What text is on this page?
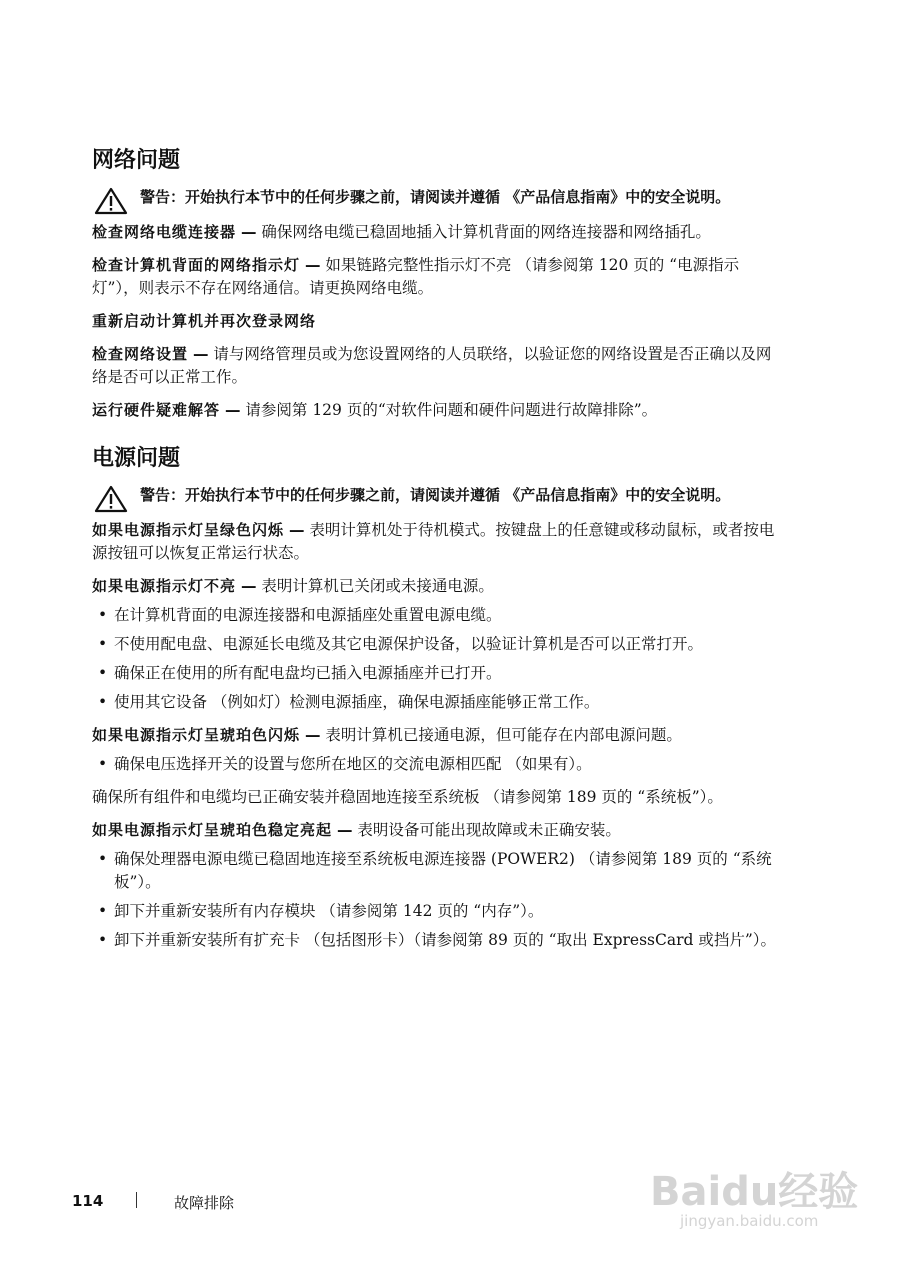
网络问题
警告：开始执行本节中的任何步骤之前，请阅读并遵循 《产品信息指南》中的安全说明。

检查网络电缆连接器 — 确保网络电缆已稳固地插入计算机背面的网络连接器和网络插孔。

检查计算机背面的网络指示灯 — 如果链路完整性指示灯不亮 （请参阅第 120 页的 “电源指示灯”），则表示不存在网络通信。请更换网络电缆。

重新启动计算机并再次登录网络

检查网络设置 — 请与网络管理员或为您设置网络的人员联络，以验证您的网络设置是否正确以及网络是否可以正常工作。

运行硬件疑难解答 — 请参阅第 129 页的“对软件问题和硬件问题进行故障排除”。

电源问题
警告：开始执行本节中的任何步骤之前，请阅读并遵循 《产品信息指南》中的安全说明。

如果电源指示灯呈绿色闪烁 — 表明计算机处于待机模式。按键盘上的任意键或移动鼠标，或者按电源按钮可以恢复正常运行状态。

如果电源指示灯不亮 — 表明计算机已关闭或未接通电源。

• 在计算机背面的电源连接器和电源插座处重置电源电缆。
• 不使用配电盘、电源延长电缆及其它电源保护设备，以验证计算机是否可以正常打开。
• 确保正在使用的所有配电盘均已插入电源插座并已打开。
• 使用其它设备 （例如灯）检测电源插座，确保电源插座能够正常工作。

如果电源指示灯呈琥珀色闪烁 — 表明计算机已接通电源，但可能存在内部电源问题。

• 确保电压选择开关的设置与您所在地区的交流电源相匹配 （如果有）。

确保所有组件和电缆均已正确安装并稳固地连接至系统板 （请参阅第 189 页的 “系统板”）。

如果电源指示灯呈琥珀色稳定亮起 — 表明设备可能出现故障或未正确安装。

• 确保处理器电源电缆已稳固地连接至系统板电源连接器 (POWER2) （请参阅第 189 页的 “系统板”）。
• 卸下并重新安装所有内存模块 （请参阅第 142 页的 “内存”）。
• 卸下并重新安装所有扩充卡 （包括图形卡）（请参阅第 89 页的 “取出 ExpressCard 或挡片”）。
114	故障排除	Baidu经验
jingyan.baidu.com
